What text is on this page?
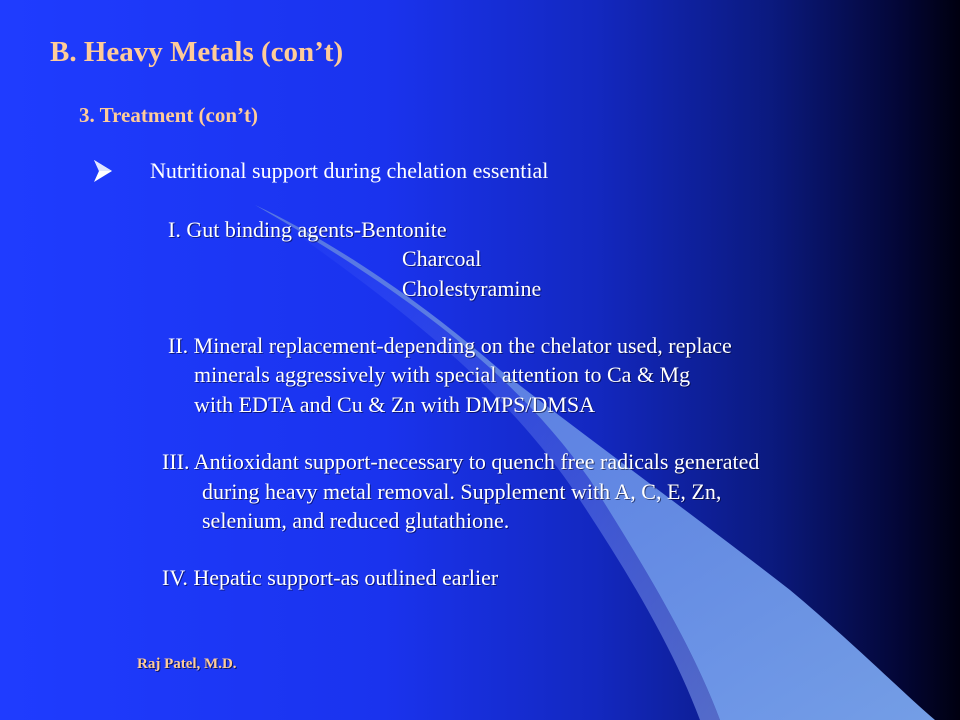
B. Heavy Metals (con’t)
3. Treatment (con’t)
Nutritional support during chelation essential
I. Gut binding agents-Bentonite
Charcoal
Cholestyramine
II. Mineral replacement-depending on the chelator used, replace
minerals aggressively with special attention to Ca & Mg
with EDTA and Cu & Zn with DMPS/DMSA
III. Antioxidant support-necessary to quench free radicals generated
during heavy metal removal. Supplement with A, C, E, Zn,
selenium, and reduced glutathione.
IV. Hepatic support-as outlined earlier
Raj Patel, M.D.
